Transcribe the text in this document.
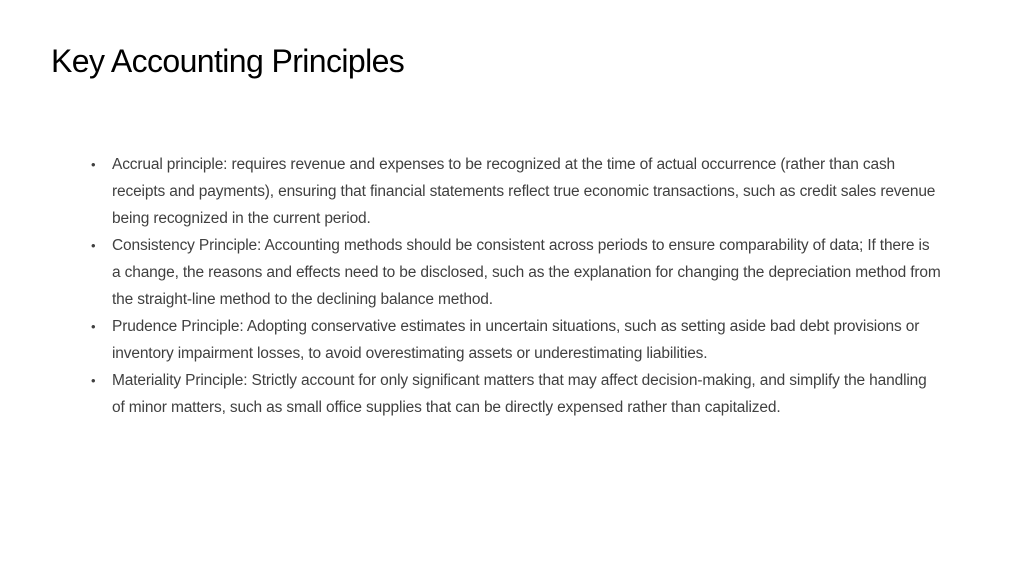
Key Accounting Principles
• Accrual principle: requires revenue and expenses to be recognized at the time of actual occurrence (rather than cash receipts and payments), ensuring that financial statements reflect true economic transactions, such as credit sales revenue being recognized in the current period.
• Consistency Principle: Accounting methods should be consistent across periods to ensure comparability of data; If there is a change, the reasons and effects need to be disclosed, such as the explanation for changing the depreciation method from the straight-line method to the declining balance method.
• Prudence Principle: Adopting conservative estimates in uncertain situations, such as setting aside bad debt provisions or inventory impairment losses, to avoid overestimating assets or underestimating liabilities.
• Materiality Principle: Strictly account for only significant matters that may affect decision-making, and simplify the handling of minor matters, such as small office supplies that can be directly expensed rather than capitalized.
